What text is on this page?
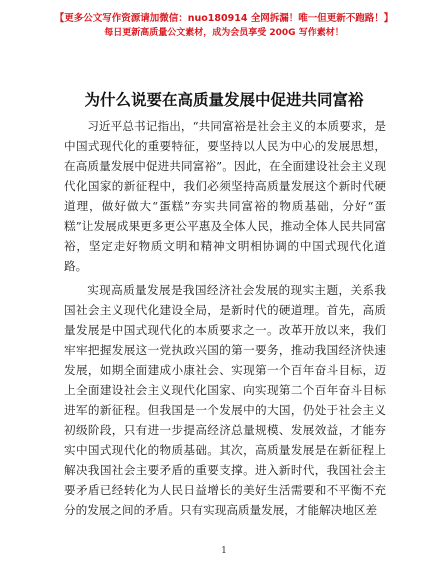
【更多公文写作资源请加微信：nuo180914 全网拆漏！唯一但更新不跑路！】
每日更新高质量公文素材，成为会员享受 200G 写作素材！
为什么说要在高质量发展中促进共同富裕

习近平总书记指出，“共同富裕是社会主义的本质要求，是中国式现代化的重要特征，要坚持以人民为中心的发展思想，在高质量发展中促进共同富裕”。因此，在全面建设社会主义现代化国家的新征程中，我们必须坚持高质量发展这个新时代硬道理，做好做大“蛋糕”夯实共同富裕的物质基础，分好“蛋糕”让发展成果更多更公平惠及全体人民，推动全体人民共同富裕，坚定走好物质文明和精神文明相协调的中国式现代化道路。

实现高质量发展是我国经济社会发展的现实主题，关系我国社会主义现代化建设全局，是新时代的硬道理。首先，高质量发展是中国式现代化的本质要求之一。改革开放以来，我们牢牢把握发展这一党执政兴国的第一要务，推动我国经济快速发展，如期全面建成小康社会、实现第一个百年奋斗目标，迈上全面建设社会主义现代化国家、向实现第二个百年奋斗目标进军的新征程。但我国是一个发展中的大国，仍处于社会主义初级阶段，只有进一步提高经济总量规模、发展效益，才能夯实中国式现代化的物质基础。其次，高质量发展是在新征程上解决我国社会主要矛盾的重要支撑。进入新时代，我国社会主要矛盾已经转化为人民日益增长的美好生活需要和不平衡不充分的发展之间的矛盾。只有实现高质量发展，才能解决地区差

1
